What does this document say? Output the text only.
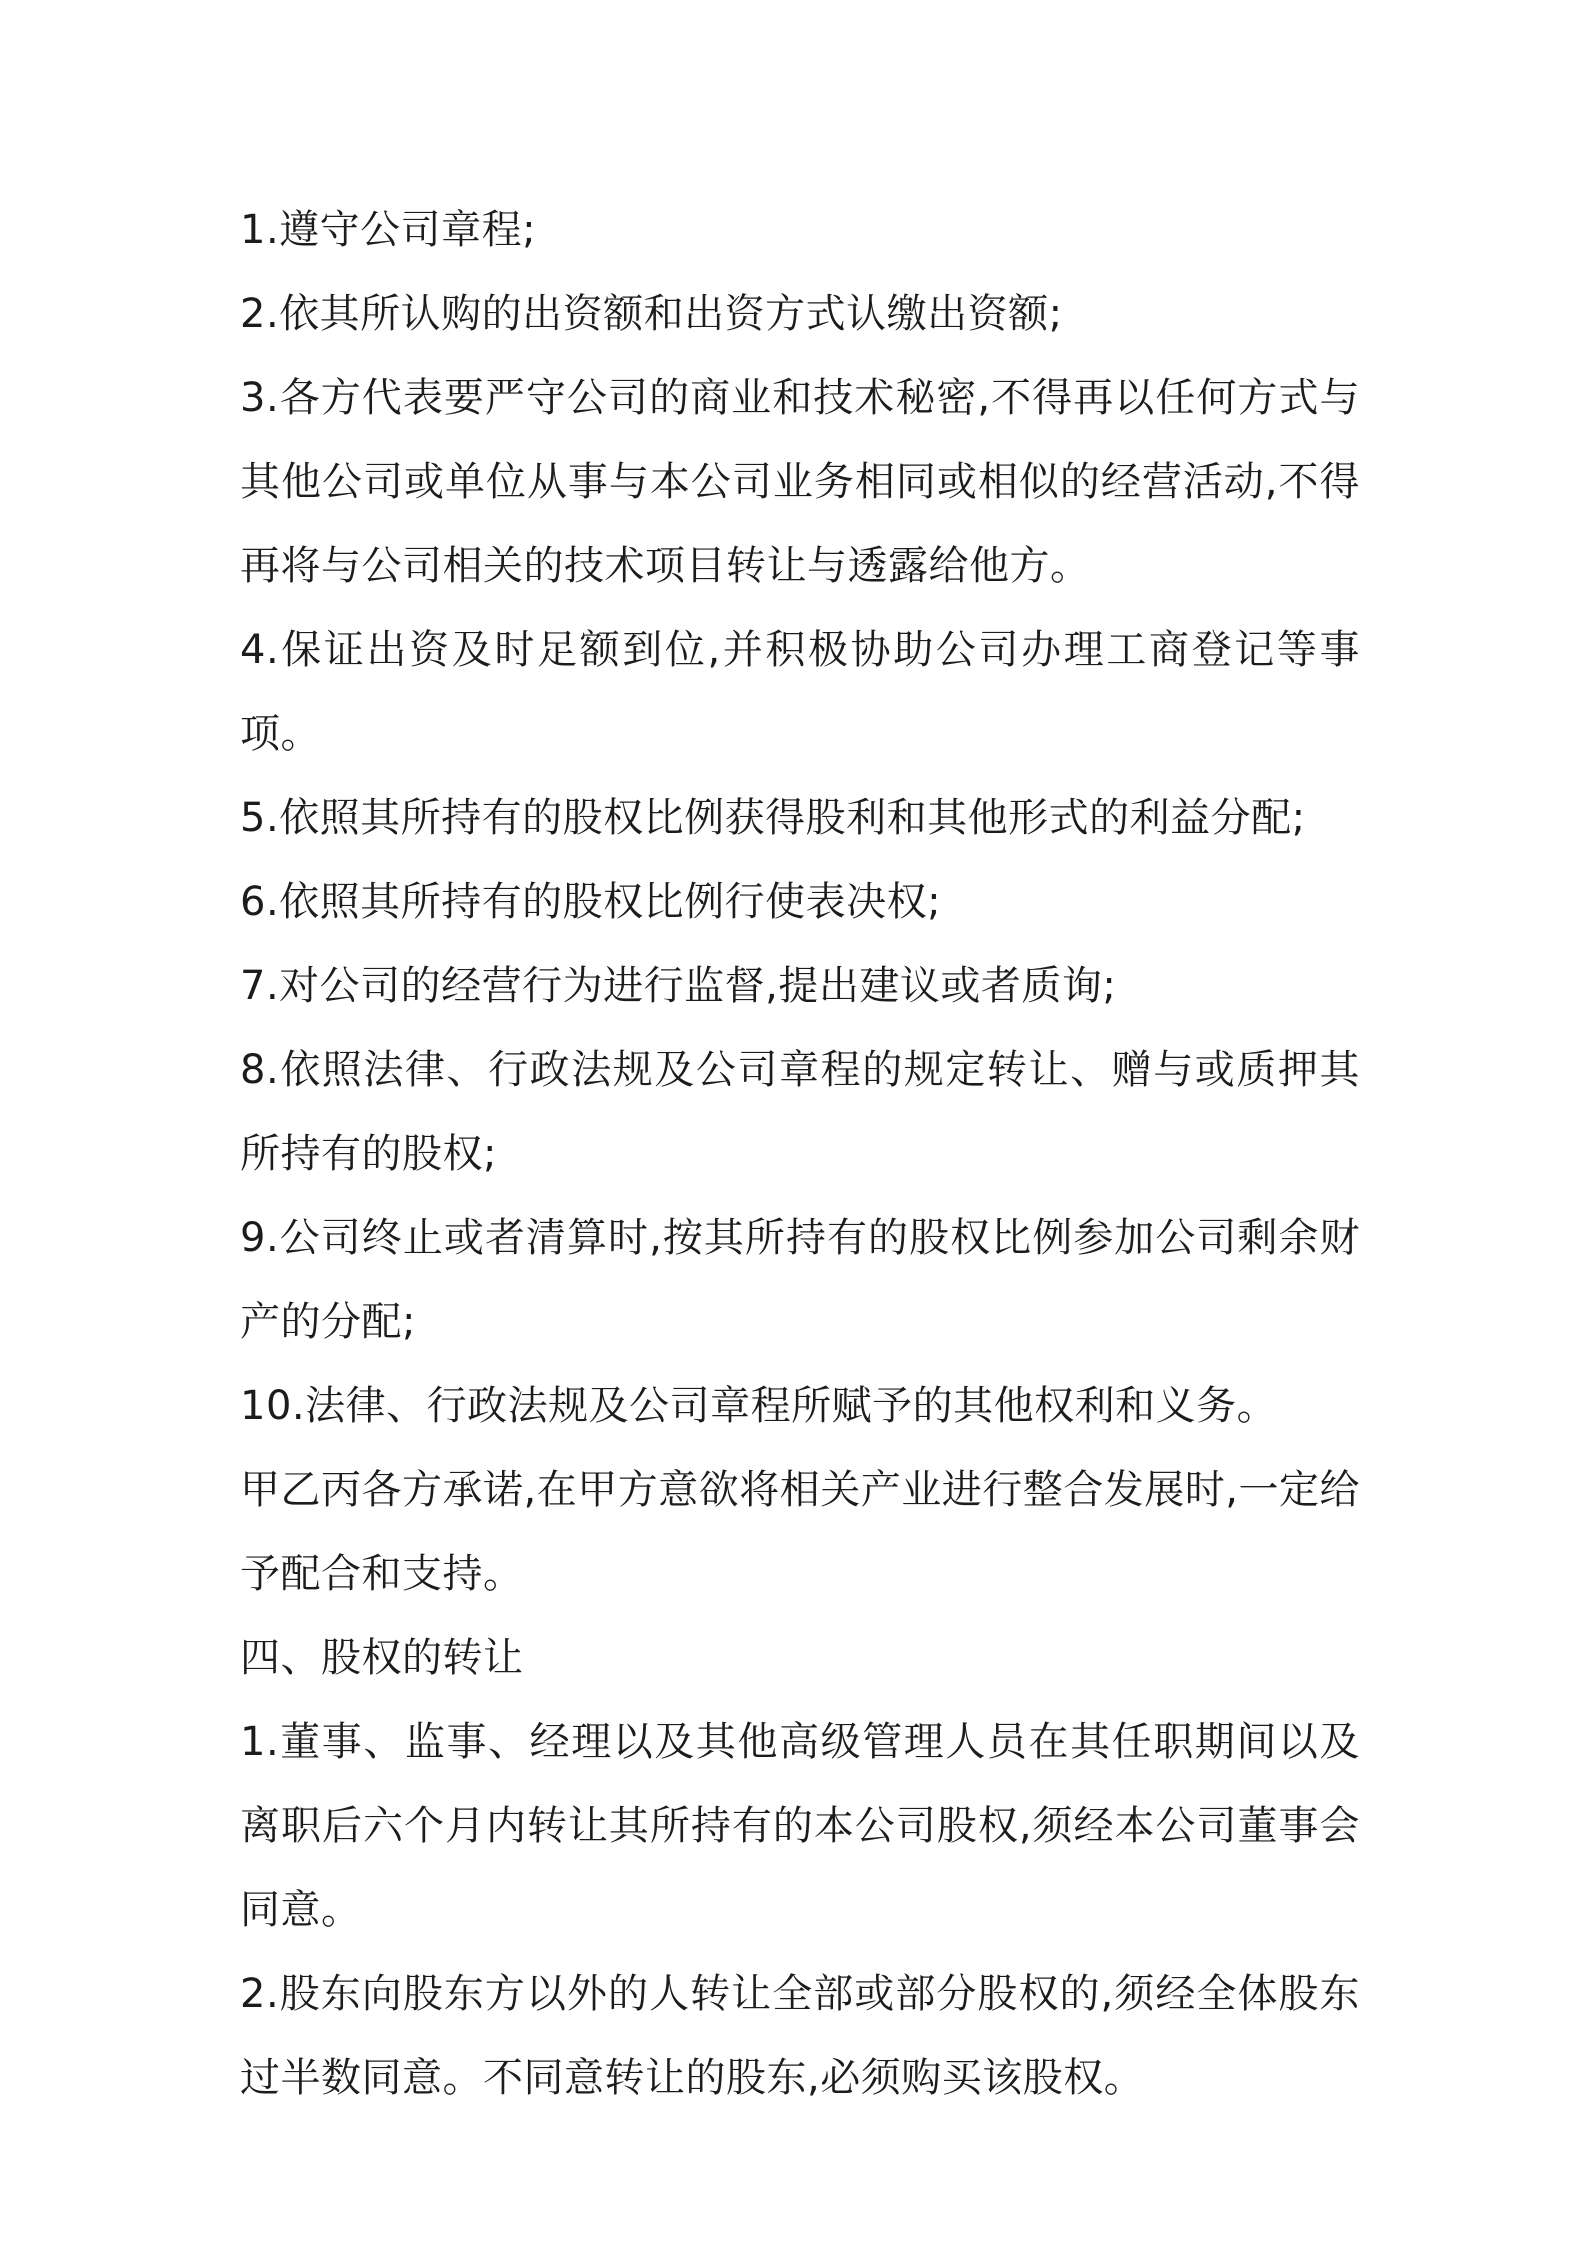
1.遵守公司章程;

2.依其所认购的出资额和出资方式认缴出资额;

3.各方代表要严守公司的商业和技术秘密,不得再以任何方式与其他公司或单位从事与本公司业务相同或相似的经营活动,不得再将与公司相关的技术项目转让与透露给他方。

4.保证出资及时足额到位,并积极协助公司办理工商登记等事项。

5.依照其所持有的股权比例获得股利和其他形式的利益分配;

6.依照其所持有的股权比例行使表决权;

7.对公司的经营行为进行监督,提出建议或者质询;

8.依照法律、行政法规及公司章程的规定转让、赠与或质押其所持有的股权;

9.公司终止或者清算时,按其所持有的股权比例参加公司剩余财产的分配;

10.法律、行政法规及公司章程所赋予的其他权利和义务。

甲乙丙各方承诺,在甲方意欲将相关产业进行整合发展时,一定给予配合和支持。

四、股权的转让

1.董事、监事、经理以及其他高级管理人员在其任职期间以及离职后六个月内转让其所持有的本公司股权,须经本公司董事会同意。

2.股东向股东方以外的人转让全部或部分股权的,须经全体股东过半数同意。不同意转让的股东,必须购买该股权。
